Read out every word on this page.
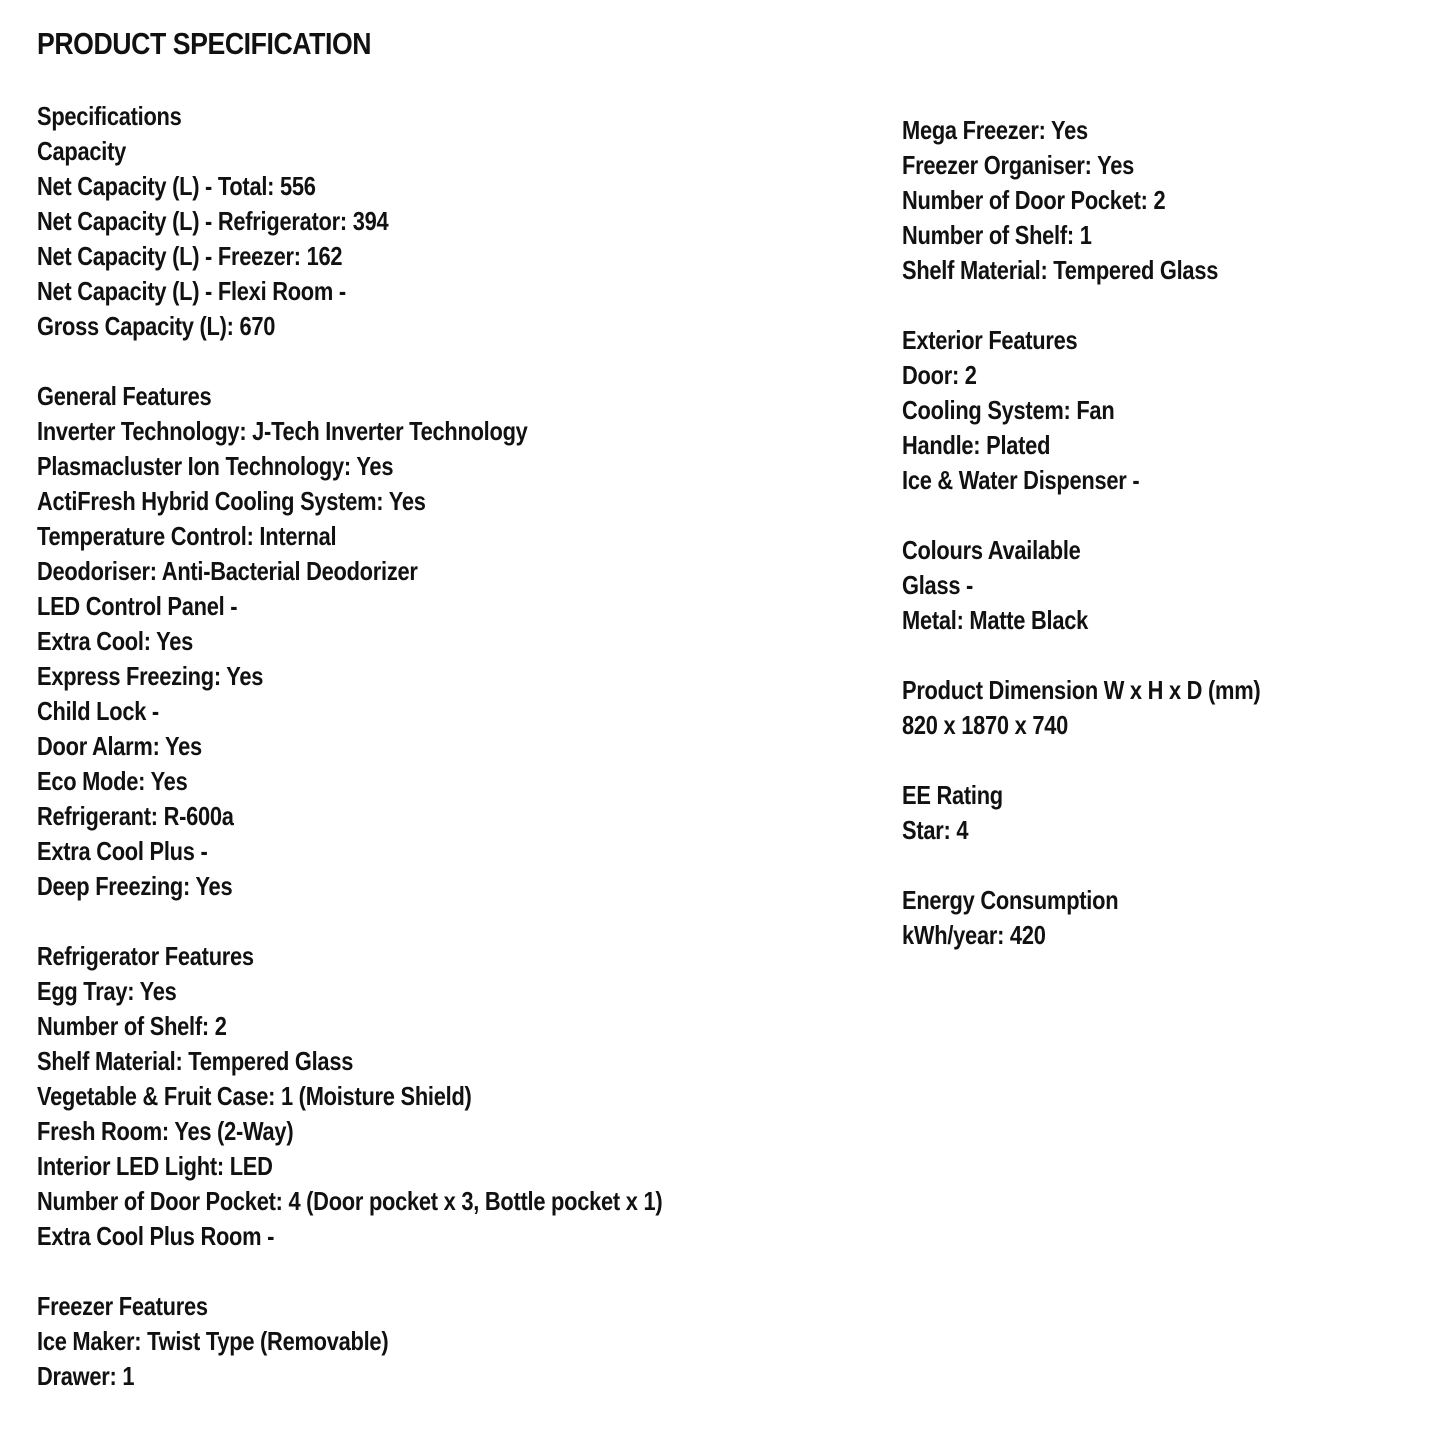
PRODUCT SPECIFICATION
Specifications
Capacity
Net Capacity (L) - Total: 556
Net Capacity (L) - Refrigerator: 394
Net Capacity (L) - Freezer: 162
Net Capacity (L) - Flexi Room -
Gross Capacity (L): 670
General Features
Inverter Technology: J-Tech Inverter Technology
Plasmacluster Ion Technology: Yes
ActiFresh Hybrid Cooling System: Yes
Temperature Control: Internal
Deodoriser: Anti-Bacterial Deodorizer
LED Control Panel -
Extra Cool: Yes
Express Freezing: Yes
Child Lock -
Door Alarm: Yes
Eco Mode: Yes
Refrigerant: R-600a
Extra Cool Plus -
Deep Freezing: Yes
Refrigerator Features
Egg Tray: Yes
Number of Shelf: 2
Shelf Material: Tempered Glass
Vegetable & Fruit Case: 1 (Moisture Shield)
Fresh Room: Yes (2-Way)
Interior LED Light: LED
Number of Door Pocket: 4 (Door pocket x 3, Bottle pocket x 1)
Extra Cool Plus Room -
Freezer Features
Ice Maker: Twist Type (Removable)
Drawer: 1
Mega Freezer: Yes
Freezer Organiser: Yes
Number of Door Pocket: 2
Number of Shelf: 1
Shelf Material: Tempered Glass
Exterior Features
Door: 2
Cooling System: Fan
Handle: Plated
Ice & Water Dispenser -
Colours Available
Glass -
Metal: Matte Black
Product Dimension W x H x D (mm)
820 x 1870 x 740
EE Rating
Star: 4
Energy Consumption
kWh/year: 420
